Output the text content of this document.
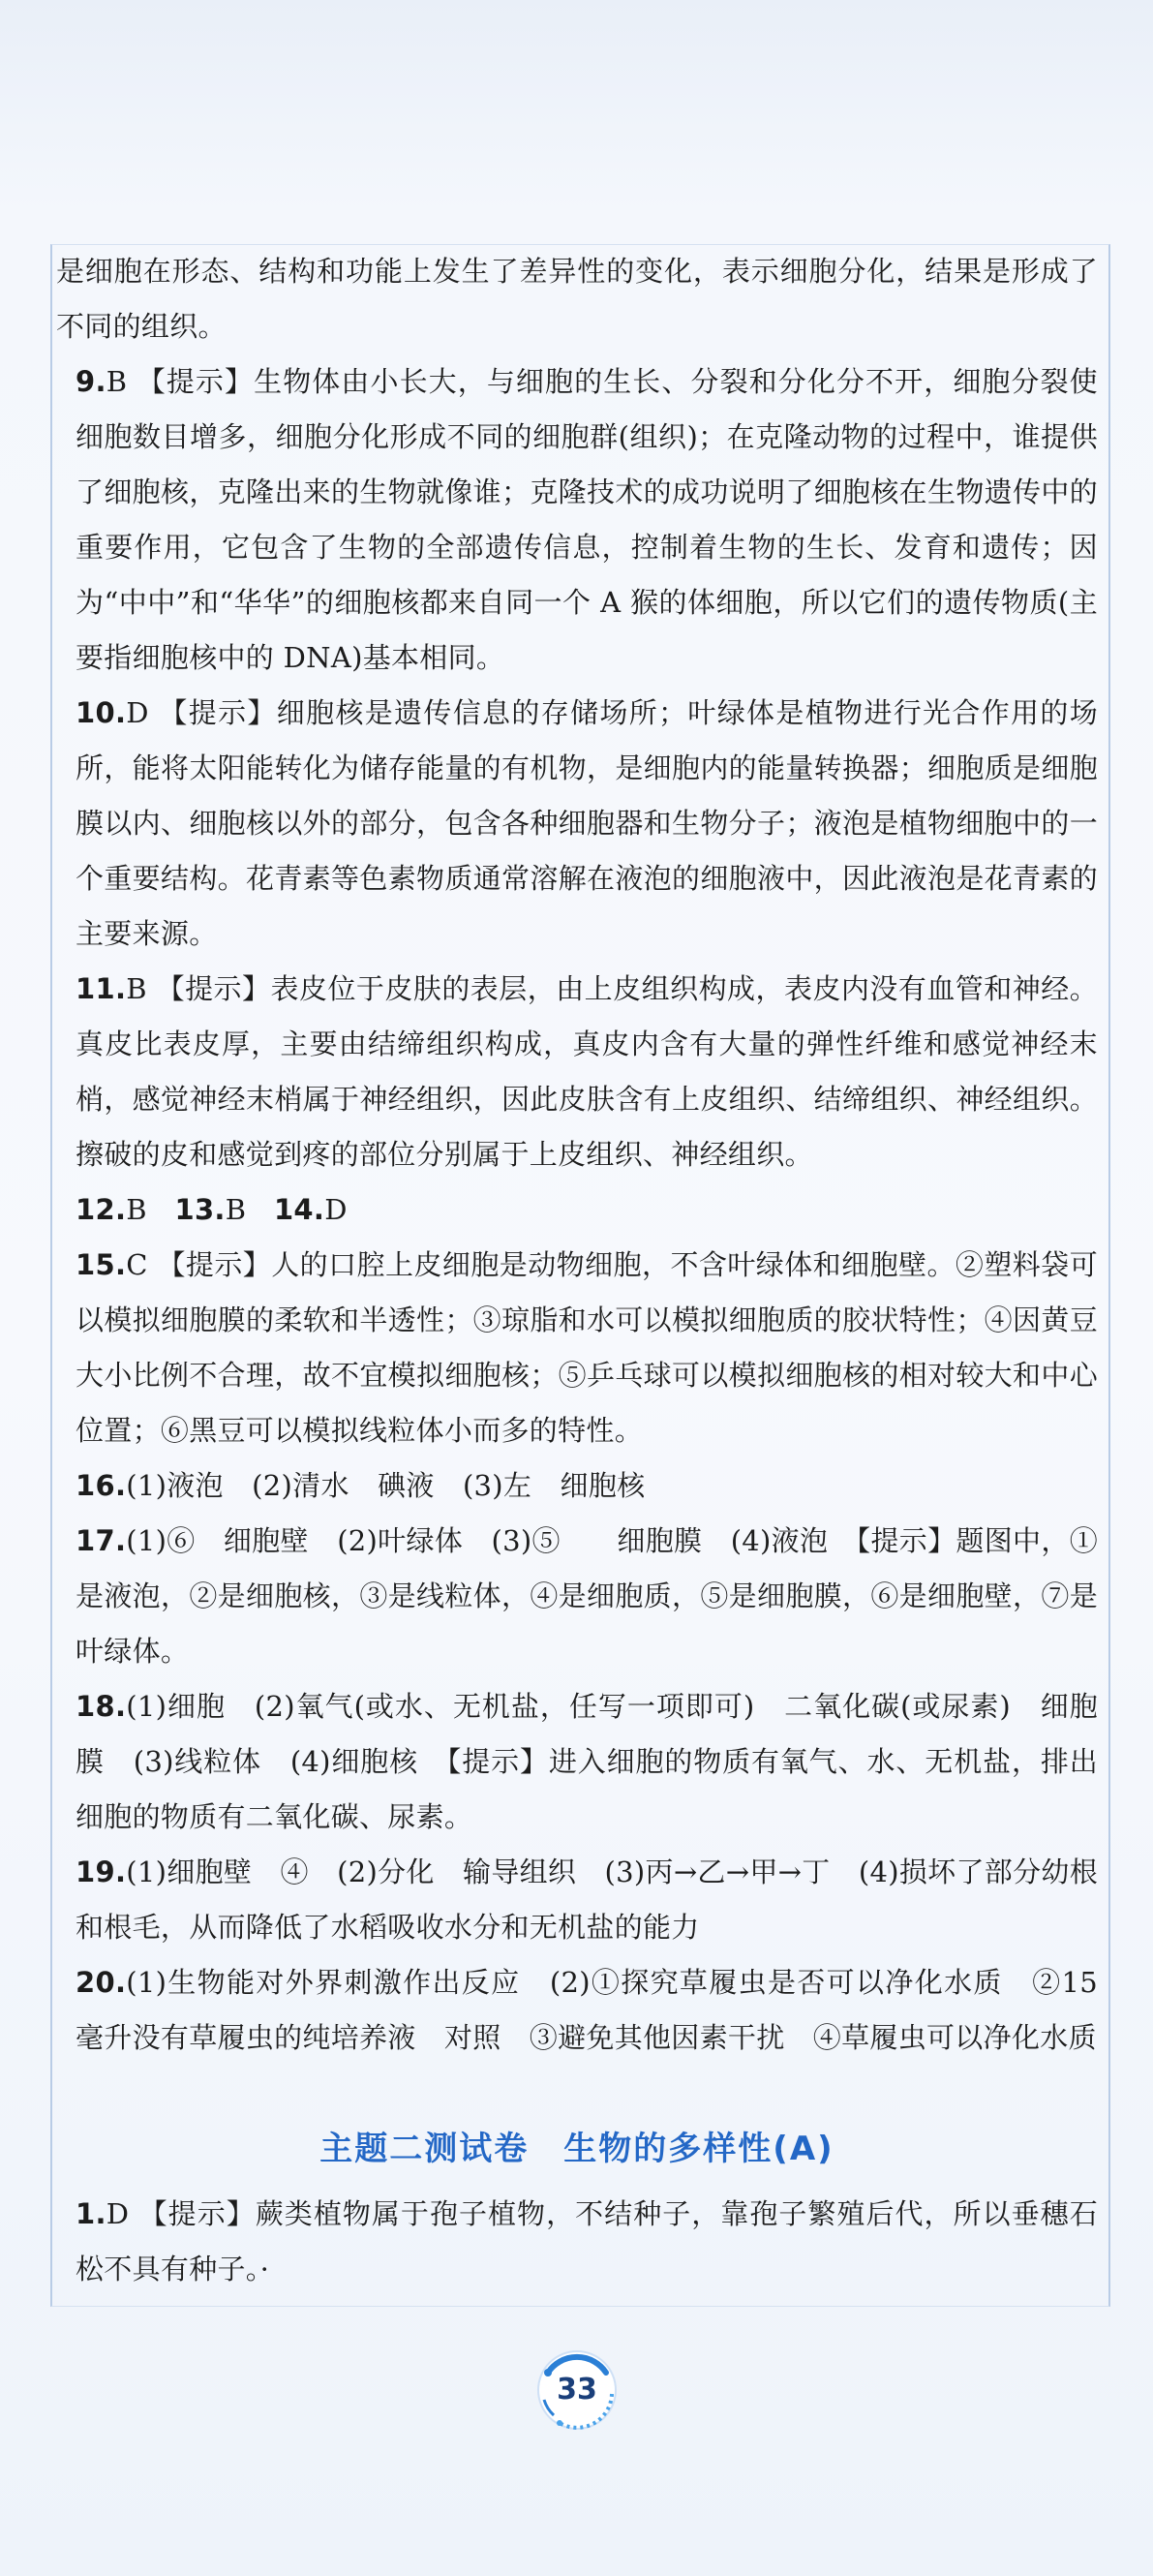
是细胞在形态、结构和功能上发生了差异性的变化，表示细胞分化，结果是形成了不同的组织。

9.B 【提示】生物体由小长大，与细胞的生长、分裂和分化分不开，细胞分裂使细胞数目增多，细胞分化形成不同的细胞群(组织)；在克隆动物的过程中，谁提供了细胞核，克隆出来的生物就像谁；克隆技术的成功说明了细胞核在生物遗传中的重要作用，它包含了生物的全部遗传信息，控制着生物的生长、发育和遗传；因为“中中”和“华华”的细胞核都来自同一个 A 猴的体细胞，所以它们的遗传物质(主要指细胞核中的 DNA)基本相同。

10.D 【提示】细胞核是遗传信息的存储场所；叶绿体是植物进行光合作用的场所，能将太阳能转化为储存能量的有机物，是细胞内的能量转换器；细胞质是细胞膜以内、细胞核以外的部分，包含各种细胞器和生物分子；液泡是植物细胞中的一个重要结构。花青素等色素物质通常溶解在液泡的细胞液中，因此液泡是花青素的主要来源。

11.B 【提示】表皮位于皮肤的表层，由上皮组织构成，表皮内没有血管和神经。真皮比表皮厚，主要由结缔组织构成，真皮内含有大量的弹性纤维和感觉神经末梢，感觉神经末梢属于神经组织，因此皮肤含有上皮组织、结缔组织、神经组织。擦破的皮和感觉到疼的部位分别属于上皮组织、神经组织。

12.B 13.B 14.D

15.C 【提示】人的口腔上皮细胞是动物细胞，不含叶绿体和细胞壁。②塑料袋可以模拟细胞膜的柔软和半透性；③琼脂和水可以模拟细胞质的胶状特性；④因黄豆大小比例不合理，故不宜模拟细胞核；⑤乒乓球可以模拟细胞核的相对较大和中心位置；⑥黑豆可以模拟线粒体小而多的特性。

16.(1)液泡　(2)清水　碘液　(3)左　细胞核

17.(1)⑥　细胞壁　(2)叶绿体　(3)⑤　　细胞膜　(4)液泡　【提示】题图中，①是液泡，②是细胞核，③是线粒体，④是细胞质，⑤是细胞膜，⑥是细胞壁，⑦是叶绿体。

18.(1)细胞　(2)氧气(或水、无机盐，任写一项即可)　二氧化碳(或尿素)　细胞膜　(3)线粒体　(4)细胞核　【提示】进入细胞的物质有氧气、水、无机盐，排出细胞的物质有二氧化碳、尿素。

19.(1)细胞壁　④　(2)分化　输导组织　(3)丙→乙→甲→丁　(4)损坏了部分幼根和根毛，从而降低了水稻吸收水分和无机盐的能力

20.(1)生物能对外界刺激作出反应　(2)①探究草履虫是否可以净化水质　②15 毫升没有草履虫的纯培养液　对照　③避免其他因素干扰　④草履虫可以净化水质

主题二测试卷　生物的多样性(A)

1.D 【提示】蕨类植物属于孢子植物，不结种子，靠孢子繁殖后代，所以垂穗石松不具有种子。·

33
